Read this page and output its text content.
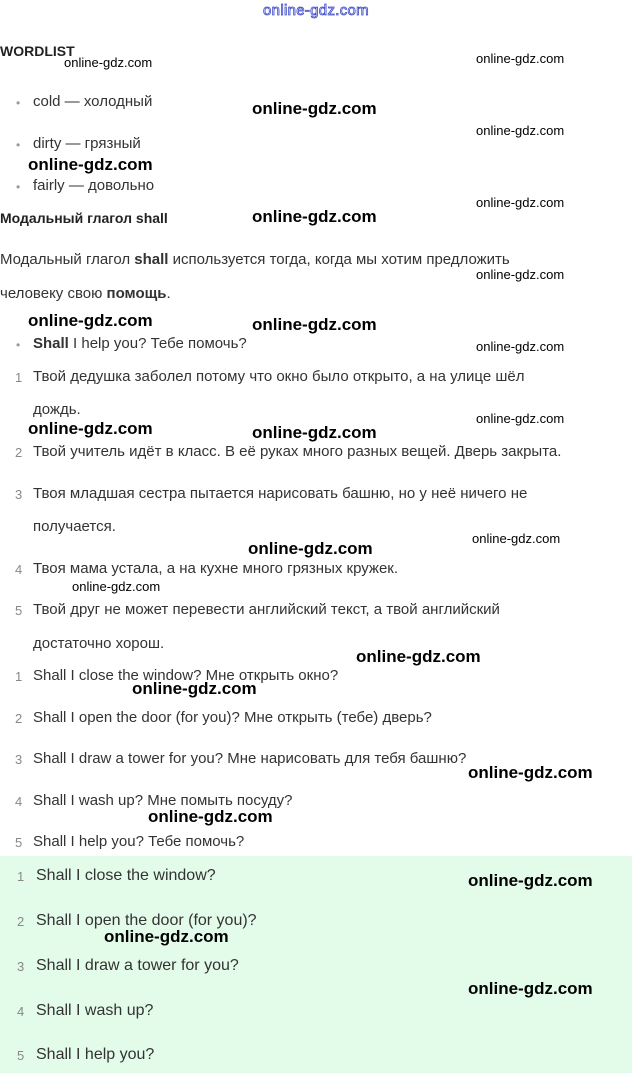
online-gdz.com
WORDLIST
• cold — холодный
• dirty — грязный
• fairly — довольно
Модальный глагол shall
Модальный глагол shall используется тогда, когда мы хотим предложить
человеку свою помощь.
• Shall I help you? Тебе помочь?
1 Твой дедушка заболел потому что окно было открыто, а на улице шёл
дождь.
2 Твой учитель идёт в класс. В её руках много разных вещей. Дверь закрыта.
3 Твоя младшая сестра пытается нарисовать башню, но у неё ничего не
получается.
4 Твоя мама устала, а на кухне много грязных кружек.
5 Твой друг не может перевести английский текст, а твой английский
достаточно хорош.
1 Shall I close the window? Мне открыть окно?
2 Shall I open the door (for you)? Мне открыть (тебе) дверь?
3 Shall I draw a tower for you? Мне нарисовать для тебя башню?
4 Shall I wash up? Мне помыть посуду?
5 Shall I help you? Тебе помочь?
1 Shall I close the window?
2 Shall I open the door (for you)?
3 Shall I draw a tower for you?
4 Shall I wash up?
5 Shall I help you?
online-gdz.com	online-gdz.com
online-gdz.com
online-gdz.com
online-gdz.com
online-gdz.com
online-gdz.com
online-gdz.com
online-gdz.com	online-gdz.com
online-gdz.com
online-gdz.com
online-gdz.com	online-gdz.com
online-gdz.com
online-gdz.com
online-gdz.com
online-gdz.com
online-gdz.com
online-gdz.com
online-gdz.com
online-gdz.com
online-gdz.com
online-gdz.com
